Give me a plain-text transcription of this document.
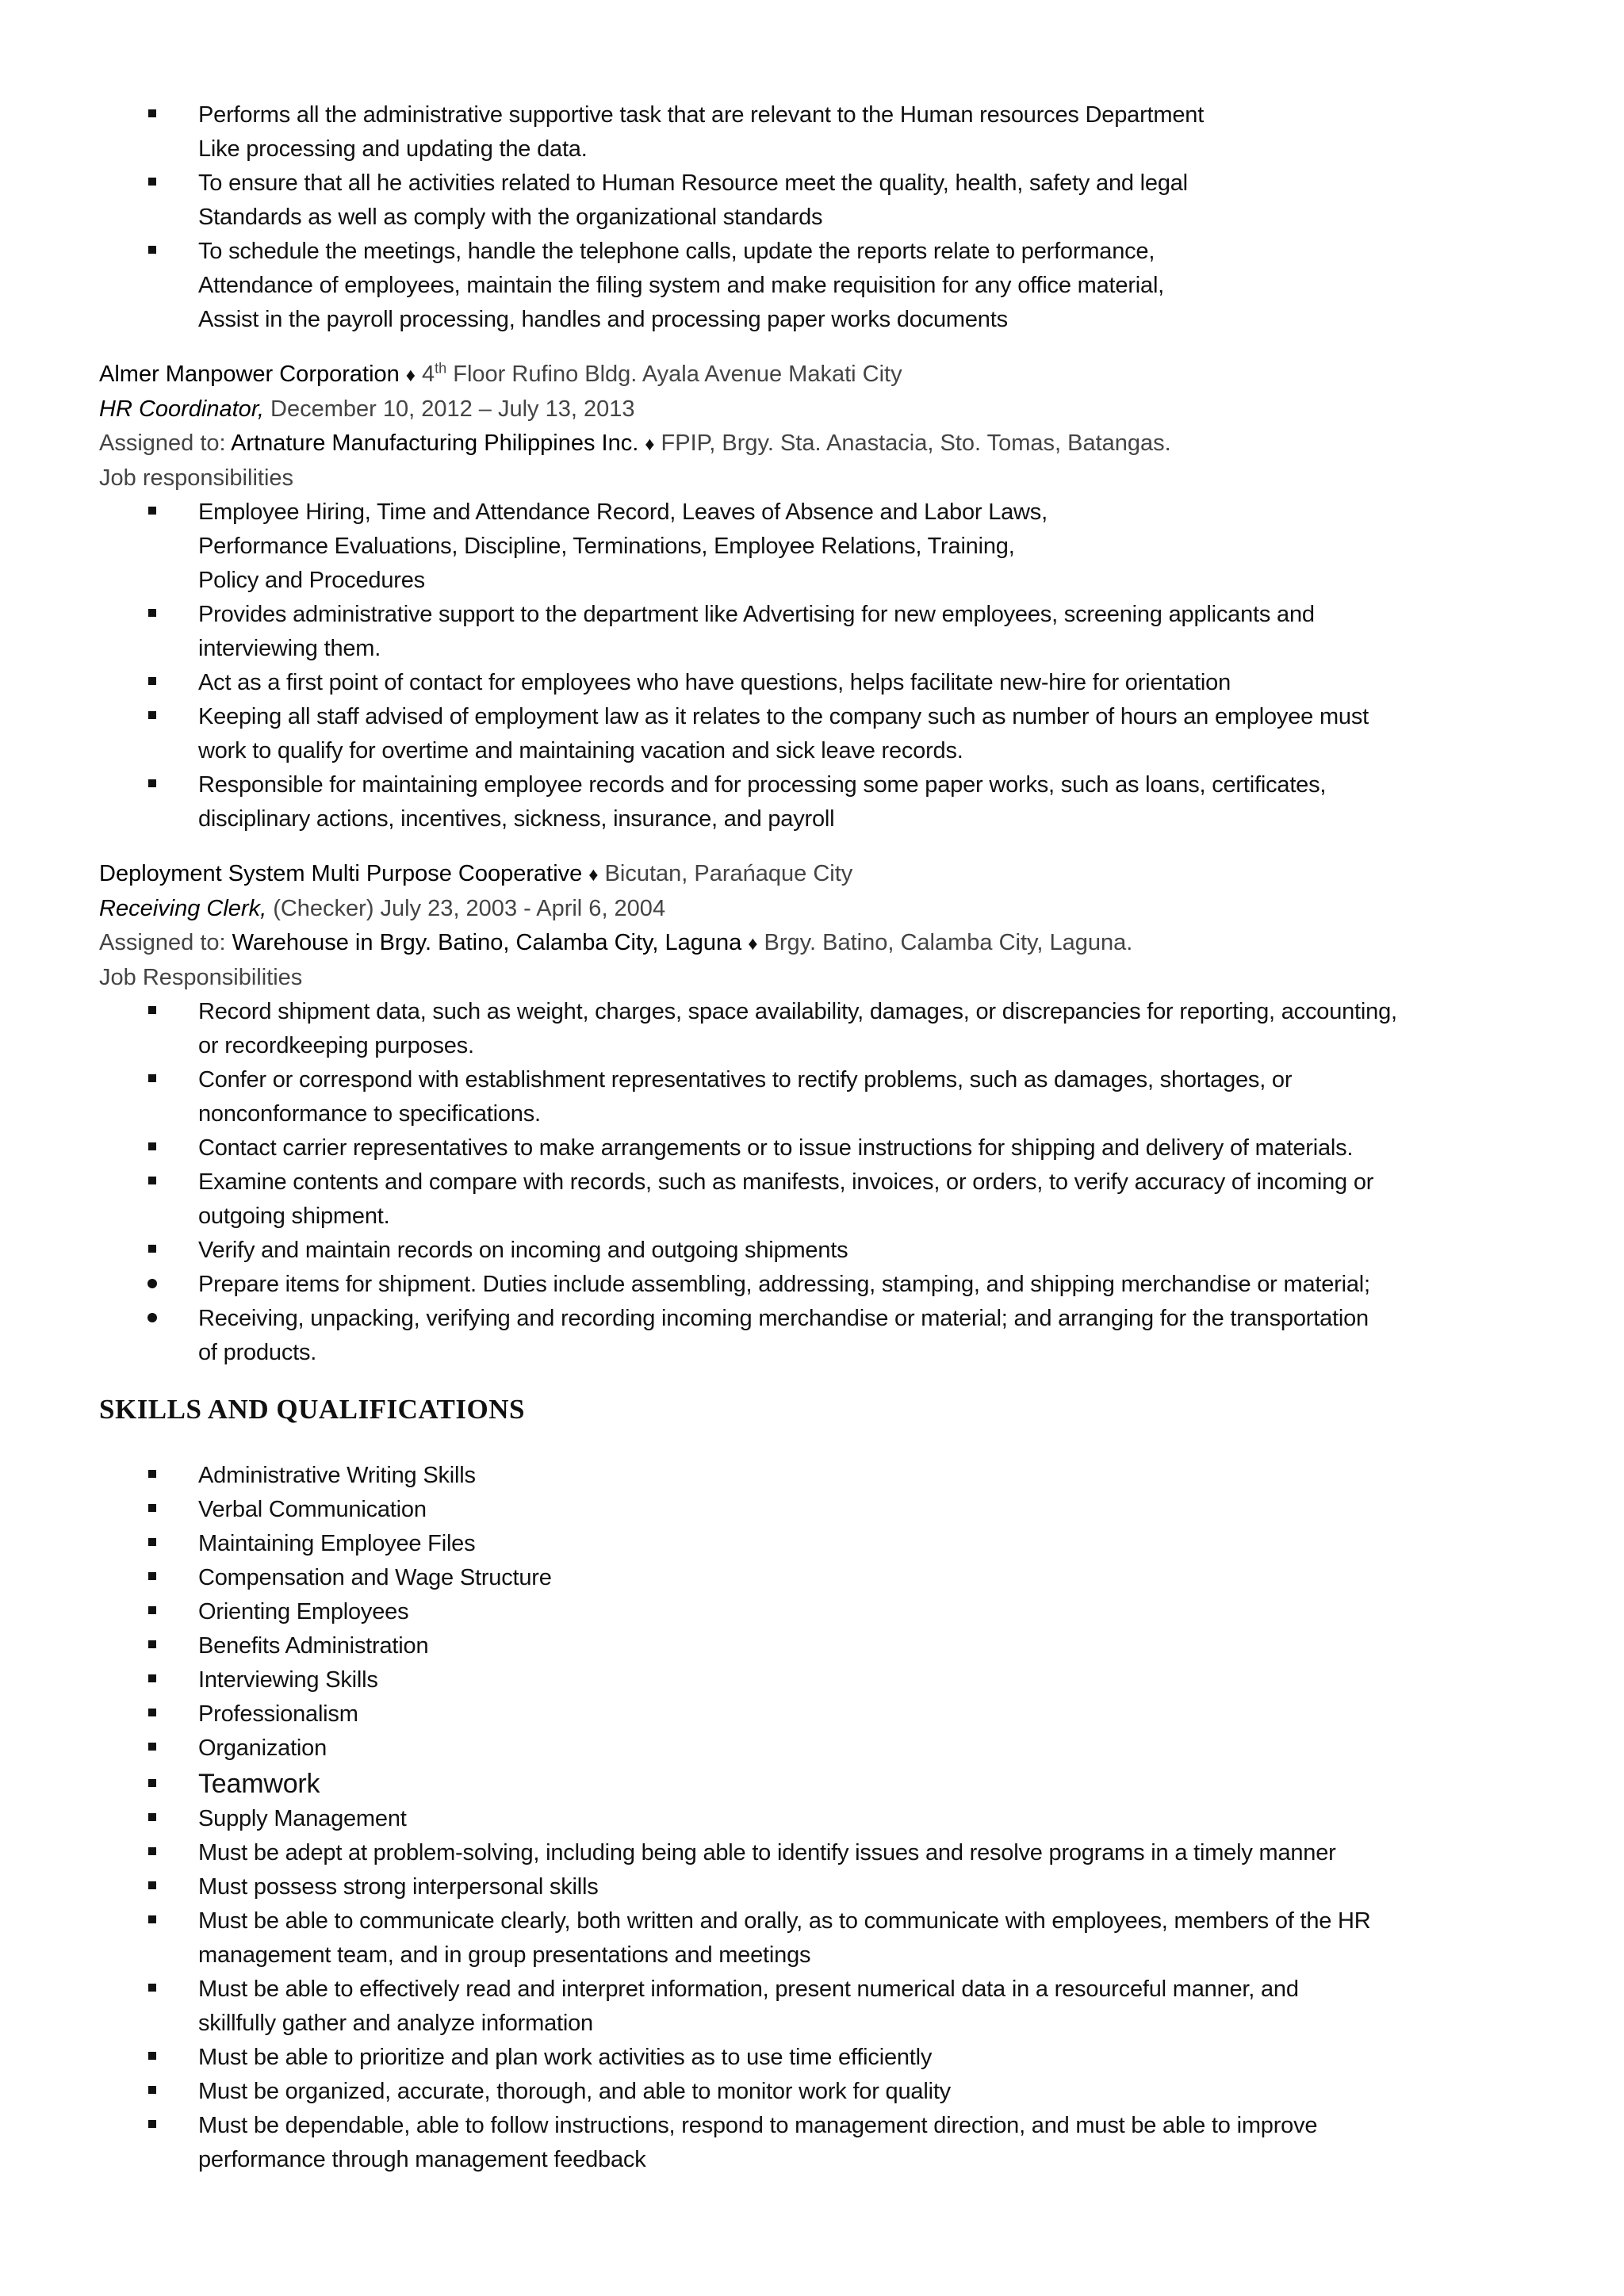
Performs all the administrative supportive task that are relevant to the Human resources Department
Like processing and updating the data.
To ensure that all he activities related to Human Resource meet the quality, health, safety and legal
Standards as well as comply with the organizational standards
To schedule the meetings, handle the telephone calls, update the reports relate to performance,
Attendance of employees, maintain the filing system and make requisition for any office material,
Assist in the payroll processing, handles and processing paper works documents
Almer Manpower Corporation ♦ 4th Floor Rufino Bldg. Ayala Avenue Makati City
HR Coordinator, December 10, 2012 – July 13, 2013
Assigned to: Artnature Manufacturing Philippines Inc. ♦ FPIP, Brgy. Sta. Anastacia, Sto. Tomas, Batangas.
Job responsibilities
Employee Hiring, Time and Attendance Record, Leaves of Absence and Labor Laws,
Performance Evaluations, Discipline, Terminations, Employee Relations, Training,
Policy and Procedures
Provides administrative support to the department like Advertising for new employees, screening applicants and
interviewing them.
Act as a first point of contact for employees who have questions, helps facilitate new-hire for orientation
Keeping all staff advised of employment law as it relates to the company such as number of hours an employee must
work to qualify for overtime and maintaining vacation and sick leave records.
Responsible for maintaining employee records and for processing some paper works, such as loans, certificates,
disciplinary actions, incentives, sickness, insurance, and payroll
Deployment System Multi Purpose Cooperative ♦ Bicutan, Parańaque City
Receiving Clerk, (Checker) July 23, 2003 - April 6, 2004
Assigned to: Warehouse in Brgy. Batino, Calamba City, Laguna ♦ Brgy. Batino, Calamba City, Laguna.
Job Responsibilities
Record shipment data, such as weight, charges, space availability, damages, or discrepancies for reporting, accounting,
or recordkeeping purposes.
Confer or correspond with establishment representatives to rectify problems, such as damages, shortages, or
nonconformance to specifications.
Contact carrier representatives to make arrangements or to issue instructions for shipping and delivery of materials.
Examine contents and compare with records, such as manifests, invoices, or orders, to verify accuracy of incoming or
outgoing shipment.
Verify and maintain records on incoming and outgoing shipments
Prepare items for shipment. Duties include assembling, addressing, stamping, and shipping merchandise or material;
Receiving, unpacking, verifying and recording incoming merchandise or material; and arranging for the transportation
of products.
SKILLS AND QUALIFICATIONS
Administrative Writing Skills
Verbal Communication
Maintaining Employee Files
Compensation and Wage Structure
Orienting Employees
Benefits Administration
Interviewing Skills
Professionalism
Organization
Teamwork
Supply Management
Must be adept at problem-solving, including being able to identify issues and resolve programs in a timely manner
Must possess strong interpersonal skills
Must be able to communicate clearly, both written and orally, as to communicate with employees, members of the HR
management team, and in group presentations and meetings
Must be able to effectively read and interpret information, present numerical data in a resourceful manner, and
skillfully gather and analyze information
Must be able to prioritize and plan work activities as to use time efficiently
Must be organized, accurate, thorough, and able to monitor work for quality
Must be dependable, able to follow instructions, respond to management direction, and must be able to improve
performance through management feedback
